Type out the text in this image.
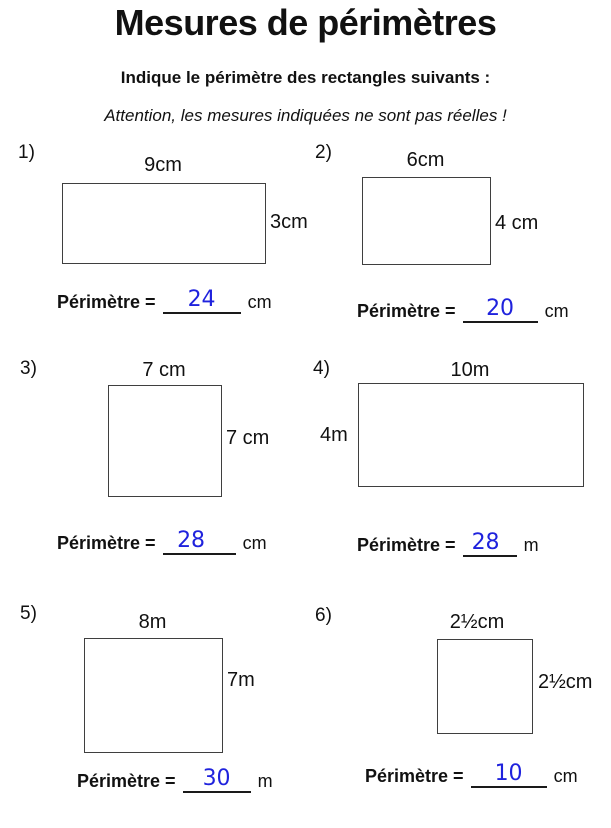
Mesures de périmètres
Indique le périmètre des rectangles suivants :
Attention, les mesures indiquées ne sont pas réelles !
1)
9cm
3cm
Périmètre =	24	cm
2)	6cm
4 cm
Périmètre =	20	cm
3)	7 cm
7 cm
Périmètre = 28	cm
4)	10m
4m
Périmètre = 28	m
5)	8m
7m
Périmètre =	30	m
6)	2½cm
2½cm
Périmètre =	10	cm
